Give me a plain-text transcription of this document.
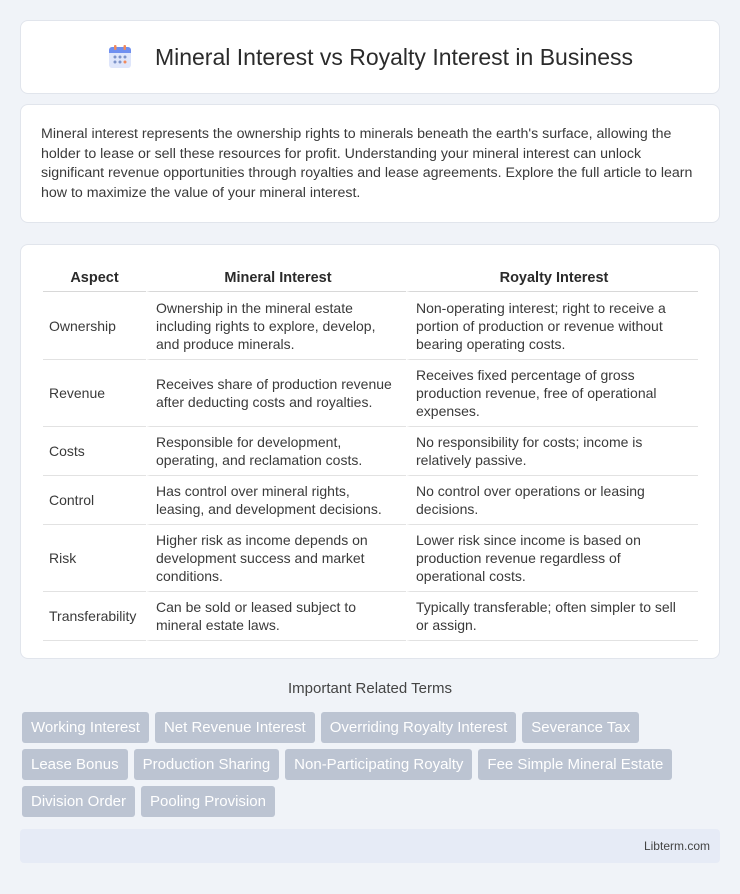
Mineral Interest vs Royalty Interest in Business

Mineral interest represents the ownership rights to minerals beneath the earth's surface, allowing the holder to lease or sell these resources for profit. Understanding your mineral interest can unlock significant revenue opportunities through royalties and lease agreements. Explore the full article to learn how to maximize the value of your mineral interest.

Aspect	Mineral Interest	Royalty Interest
Ownership	Ownership in the mineral estate including rights to explore, develop, and produce minerals.	Non-operating interest; right to receive a portion of production or revenue without bearing operating costs.
Revenue	Receives share of production revenue after deducting costs and royalties.	Receives fixed percentage of gross production revenue, free of operational expenses.
Costs	Responsible for development, operating, and reclamation costs.	No responsibility for costs; income is relatively passive.
Control	Has control over mineral rights, leasing, and development decisions.	No control over operations or leasing decisions.
Risk	Higher risk as income depends on development success and market conditions.	Lower risk since income is based on production revenue regardless of operational costs.
Transferability	Can be sold or leased subject to mineral estate laws.	Typically transferable; often simpler to sell or assign.
Important Related Terms
Working Interest	Net Revenue Interest	Overriding Royalty Interest	Severance Tax
Lease Bonus	Production Sharing	Non-Participating Royalty	Fee Simple Mineral Estate
Division Order	Pooling Provision
Libterm.com
